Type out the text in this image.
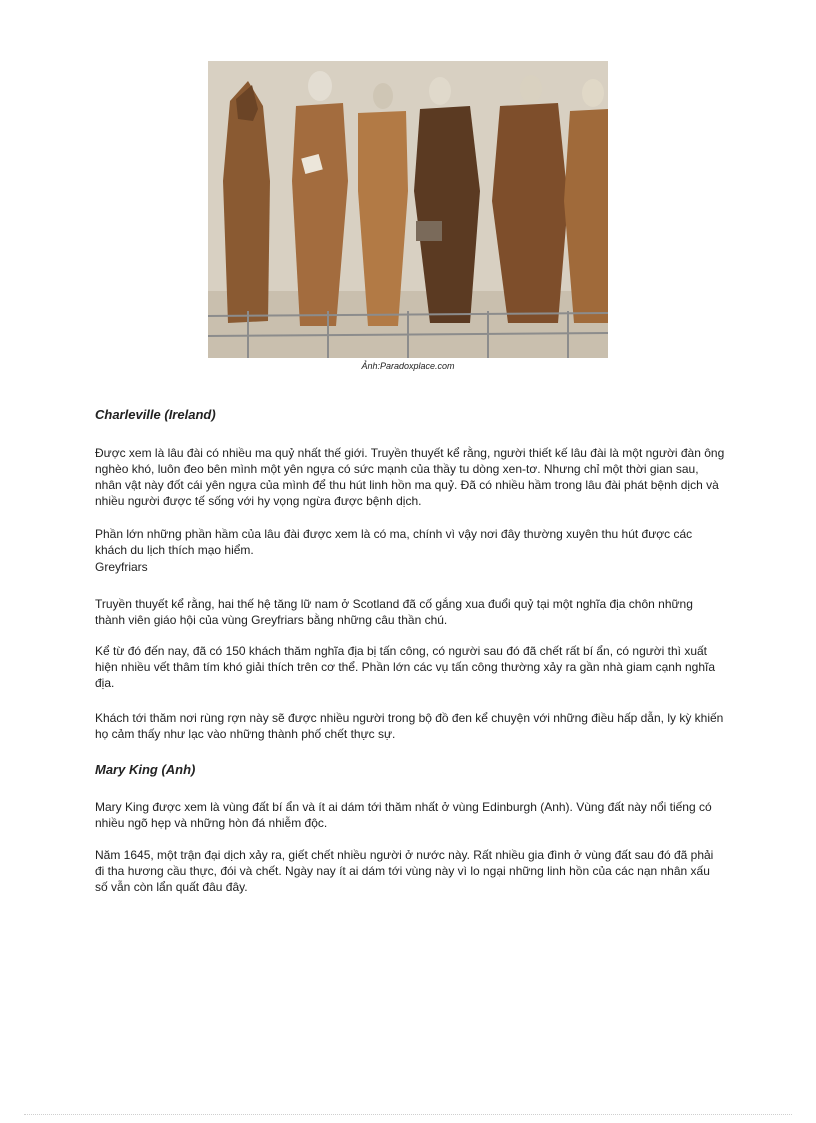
Ảnh:Paradoxplace.com
Charleville (Ireland)
Được xem là lâu đài có nhiều ma quỷ nhất thế giới. Truyền thuyết kể rằng, người thiết kế lâu đài là một người đàn ông nghèo khó, luôn đeo bên mình một yên ngựa có sức mạnh của thầy tu dòng xen-tơ. Nhưng chỉ một thời gian sau, nhân vật này đốt cái yên ngựa của mình để thu hút linh hồn ma quỷ. Đã có nhiều hầm trong lâu đài phát bệnh dịch và nhiều người được tế sống với hy vọng ngừa được bệnh dịch.
Phần lớn những phần hầm của lâu đài được xem là có ma, chính vì vậy nơi đây thường xuyên thu hút được các khách du lịch thích mạo hiểm.
Greyfriars
Truyền thuyết kể rằng, hai thế hệ tăng lữ nam ở Scotland đã cố gắng xua đuổi quỷ tại một nghĩa địa chôn những thành viên giáo hội của vùng Greyfriars bằng những câu thần chú.
Kể từ đó đến nay, đã có 150 khách thăm nghĩa địa bị tấn công, có người sau đó đã chết rất bí ẩn, có người thì xuất hiện nhiều vết thâm tím khó giải thích trên cơ thể. Phần lớn các vụ tấn công thường xảy ra gần nhà giam cạnh nghĩa địa.
Khách tới thăm nơi rùng rợn này sẽ được nhiều người trong bộ đồ đen kể chuyện với những điều hấp dẫn, ly kỳ khiến họ cảm thấy như lạc vào những thành phố chết thực sự.
Mary King (Anh)
Mary King được xem là vùng đất bí ẩn và ít ai dám tới thăm nhất ở vùng Edinburgh (Anh). Vùng đất này nổi tiếng có nhiều ngõ hẹp và những hòn đá nhiễm độc.
Năm 1645, một trận đại dịch xảy ra, giết chết nhiều người ở nước này. Rất nhiều gia đình ở vùng đất sau đó đã phải đi tha hương cầu thực, đói và chết. Ngày nay ít ai dám tới vùng này vì lo ngại những linh hồn của các nạn nhân xấu số vẫn còn lẩn quất đâu đây.
